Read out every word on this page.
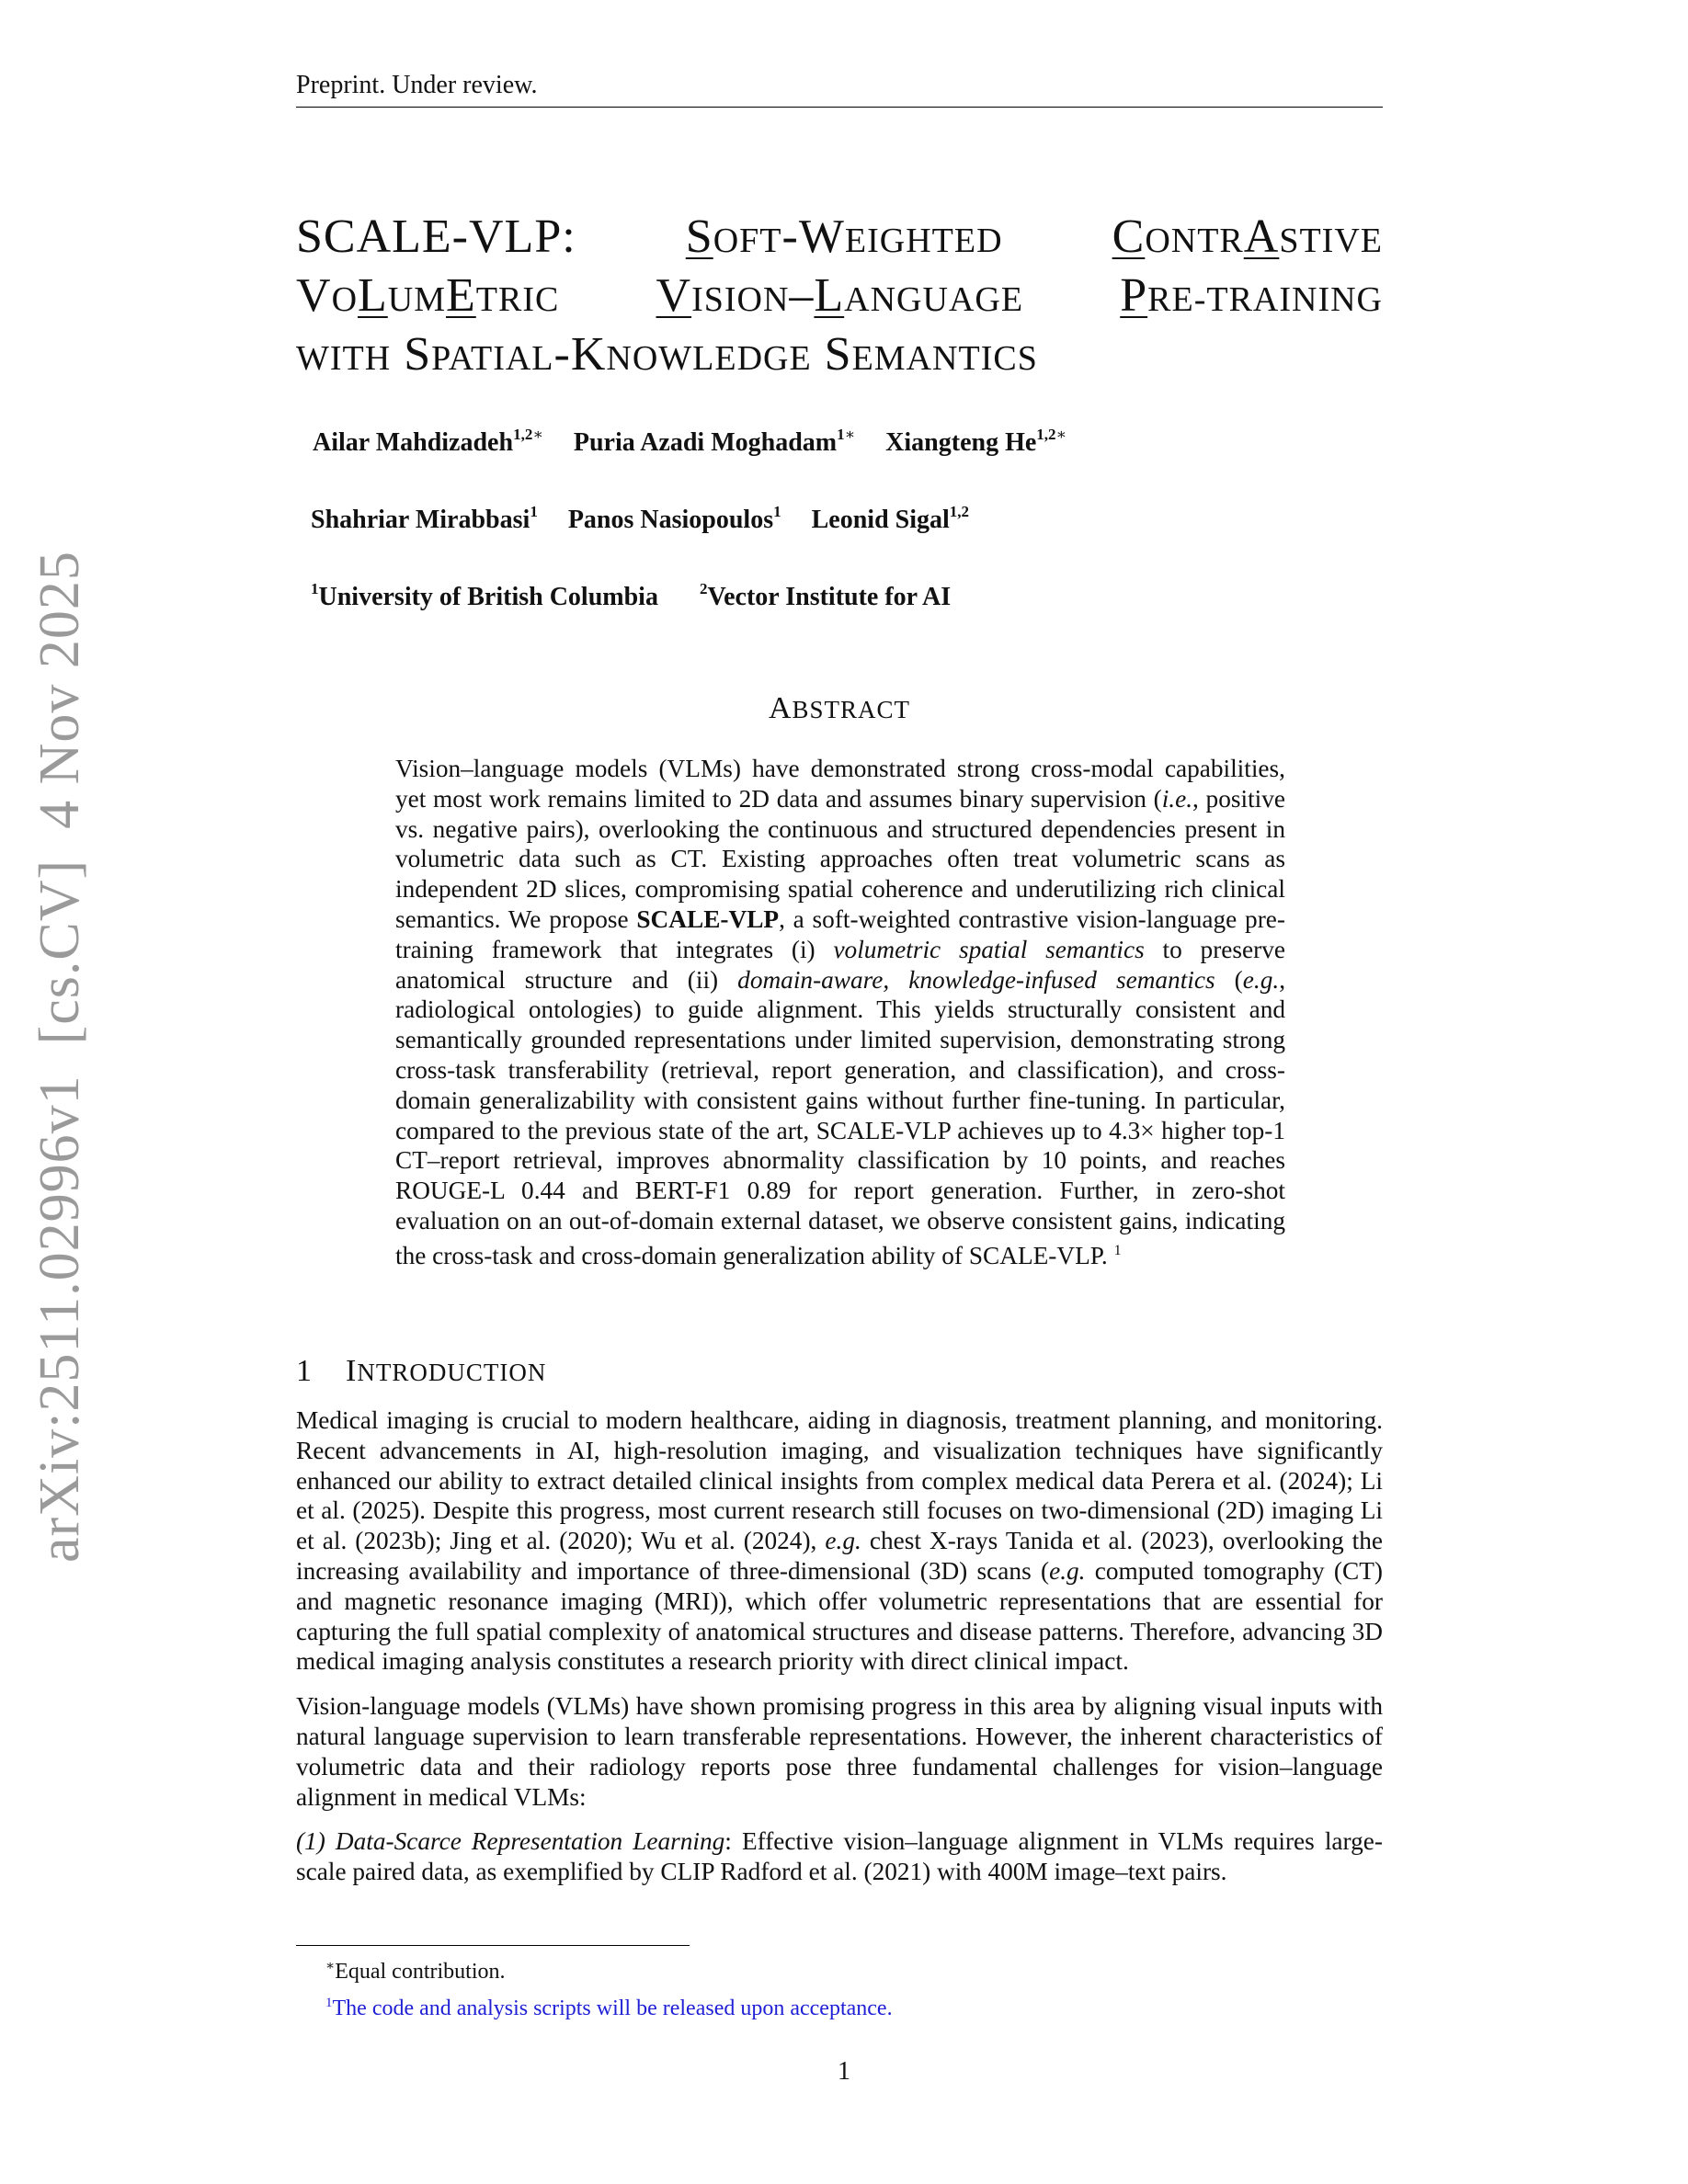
Preprint. Under review.
arXiv:2511.02996v1  [cs.CV]  4 Nov 2025
SCALE-VLP: SOFT-WEIGHTED CONTRASTIVE
VOLUMETRIC VISION–LANGUAGE PRE-TRAINING
WITH SPATIAL-KNOWLEDGE SEMANTICS
Ailar Mahdizadeh$^{1,2∗}$ Puria Azadi Moghadam$^{1∗}$ Xiangteng $He^{1,2∗}$
Shahriar Mirabbasi$^1$ Panos Nasiopoulos$^1$ Leonid Sigal$^{1,2}$
$^1$University of British Columbia	$^2$Vector Institute for AI
ABSTRACT
Vision–language models (VLMs) have demonstrated strong cross-modal capabilities, yet most work remains limited to 2D data and assumes binary supervision (i.e., positive vs. negative pairs), overlooking the continuous and structured dependencies present in volumetric data such as CT. Existing approaches often treat volumetric scans as independent 2D slices, compromising spatial coherence and underutilizing rich clinical semantics. We propose SCALE-VLP, a soft-weighted contrastive vision-language pre-training framework that integrates (i) volumetric spatial semantics to preserve anatomical structure and (ii) domain-aware, knowledge-infused semantics (e.g., radiological ontologies) to guide alignment. This yields structurally consistent and semantically grounded representations under limited supervision, demonstrating strong cross-task transferability (retrieval, report generation, and classification), and cross-domain generalizability with consistent gains without further fine-tuning. In particular, compared to the previous state of the art, SCALE-VLP achieves up to 4.3× higher top-1 CT–report retrieval, improves abnormality classification by 10 points, and reaches ROUGE-L 0.44 and BERT-F1 0.89 for report generation. Further, in zero-shot evaluation on an out-of-domain external dataset, we observe consistent gains, indicating the cross-task and cross-domain generalization ability of SCALE-VLP. $^1$
1 INTRODUCTION

Medical imaging is crucial to modern healthcare, aiding in diagnosis, treatment planning, and monitoring. Recent advancements in AI, high-resolution imaging, and visualization techniques have significantly enhanced our ability to extract detailed clinical insights from complex medical data Perera et al. (2024); Li et al. (2025). Despite this progress, most current research still focuses on two-dimensional (2D) imaging Li et al. (2023b); Jing et al. (2020); Wu et al. (2024), e.g. chest X-rays Tanida et al. (2023), overlooking the increasing availability and importance of three-dimensional (3D) scans (e.g. computed tomography (CT) and magnetic resonance imaging (MRI)), which offer volumetric representations that are essential for capturing the full spatial complexity of anatomical structures and disease patterns. Therefore, advancing 3D medical imaging analysis constitutes a research priority with direct clinical impact.

Vision-language models (VLMs) have shown promising progress in this area by aligning visual inputs with natural language supervision to learn transferable representations. However, the inherent characteristics of volumetric data and their radiology reports pose three fundamental challenges for vision–language alignment in medical VLMs:

(1) Data-Scarce Representation Learning: Effective vision–language alignment in VLMs requires large-scale paired data, as exemplified by CLIP Radford et al. (2021) with 400M image–text pairs.

∗Equal contribution.
$^1$The code and analysis scripts will be released upon acceptance.
1
